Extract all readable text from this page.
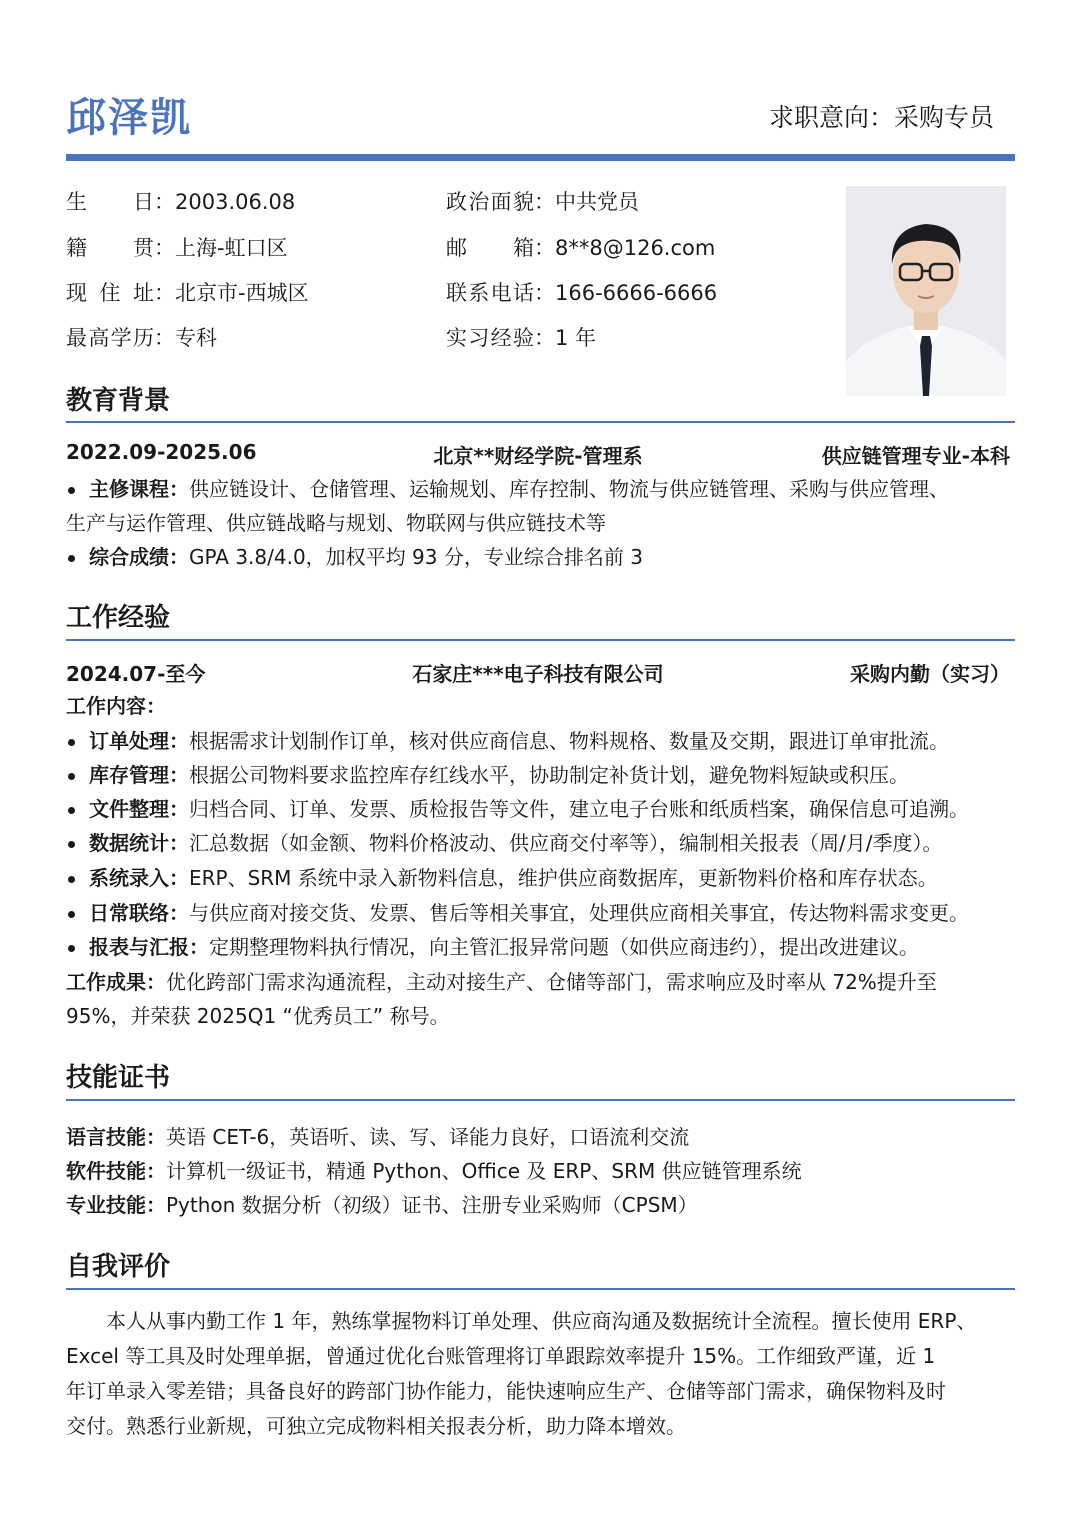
邱泽凯	求职意向：采购专员
生日：2003.06.08
籍贯：上海-虹口区
现住址：北京市-西城区
最高学历：专科
政治面貌：中共党员
邮箱：8**8@126.com
联系电话：166-6666-6666
实习经验：1 年
教育背景
2022.09-2025.06	北京**财经学院-管理系	供应链管理专业-本科
主修课程：供应链设计、仓储管理、运输规划、库存控制、物流与供应链管理、采购与供应管理、
生产与运作管理、供应链战略与规划、物联网与供应链技术等
综合成绩：GPA 3.8/4.0，加权平均 93 分，专业综合排名前 3
工作经验
2024.07-至今	石家庄***电子科技有限公司	采购内勤（实习）
工作内容：
订单处理：根据需求计划制作订单，核对供应商信息、物料规格、数量及交期，跟进订单审批流。
库存管理：根据公司物料要求监控库存红线水平，协助制定补货计划，避免物料短缺或积压。
文件整理：归档合同、订单、发票、质检报告等文件，建立电子台账和纸质档案，确保信息可追溯。
数据统计：汇总数据（如金额、物料价格波动、供应商交付率等），编制相关报表（周/月/季度）。
系统录入：ERP、SRM 系统中录入新物料信息，维护供应商数据库，更新物料价格和库存状态。
日常联络：与供应商对接交货、发票、售后等相关事宜，处理供应商相关事宜，传达物料需求变更。
报表与汇报：定期整理物料执行情况，向主管汇报异常问题（如供应商违约），提出改进建议。
工作成果：优化跨部门需求沟通流程，主动对接生产、仓储等部门，需求响应及时率从 72%提升至
95%，并荣获 2025Q1 “优秀员工” 称号。
技能证书
语言技能：英语 CET-6，英语听、读、写、译能力良好，口语流利交流
软件技能：计算机一级证书，精通 Python、Office 及 ERP、SRM 供应链管理系统
专业技能：Python 数据分析（初级）证书、注册专业采购师（CPSM）
自我评价
本人从事内勤工作 1 年，熟练掌握物料订单处理、供应商沟通及数据统计全流程。擅长使用 ERP、
Excel 等工具及时处理单据，曾通过优化台账管理将订单跟踪效率提升 15%。工作细致严谨，近 1
年订单录入零差错；具备良好的跨部门协作能力，能快速响应生产、仓储等部门需求，确保物料及时
交付。熟悉行业新规，可独立完成物料相关报表分析，助力降本增效。
